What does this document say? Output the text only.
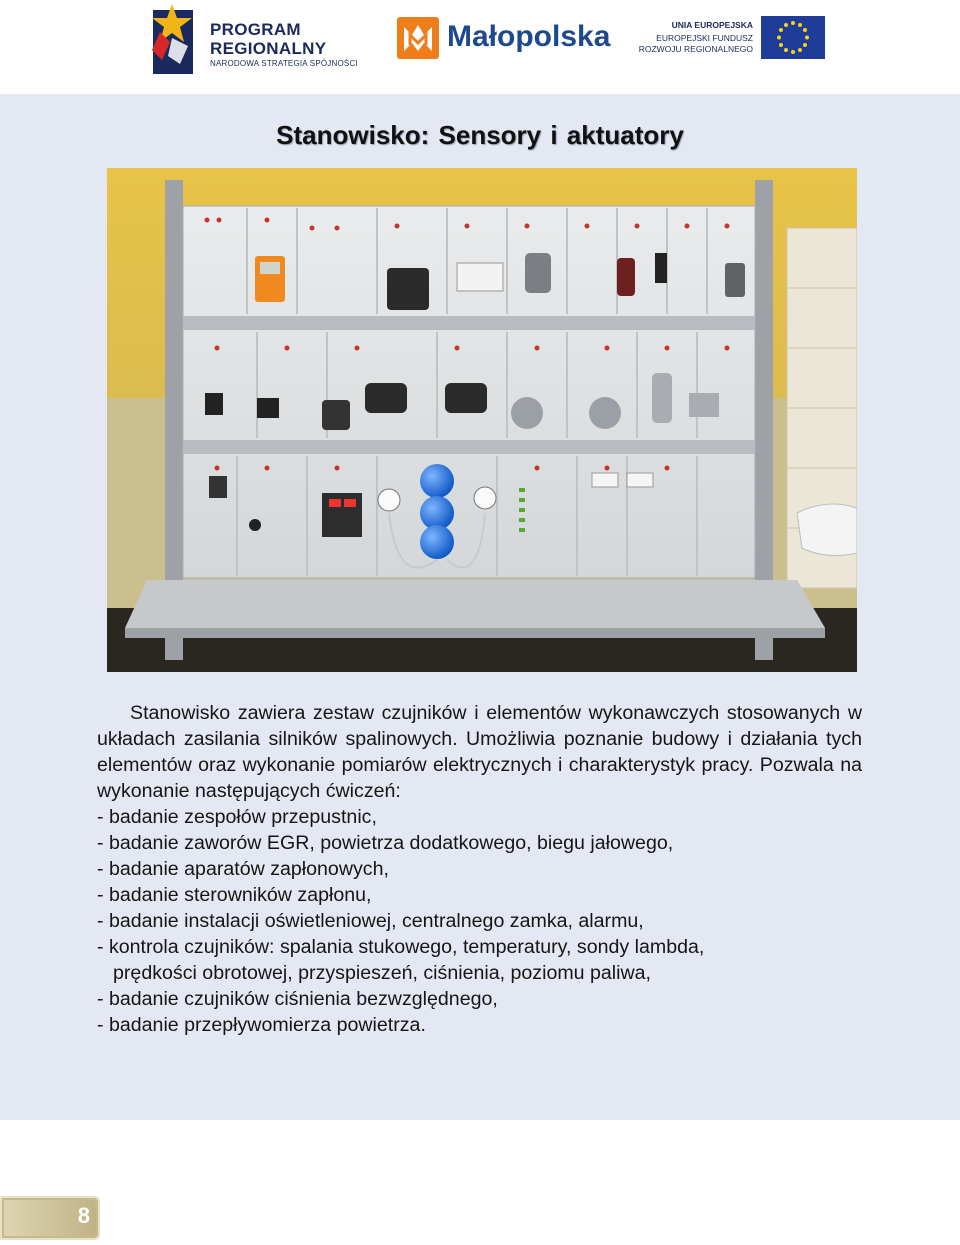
PROGRAM
REGIONALNY
NARODOWA STRATEGIA SPÓJNOŚCI
Małopolska	UNIA EUROPEJSKA
EUROPEJSKI FUNDUSZ
ROZWOJU REGIONALNEGO
Stanowisko: Sensory i aktuatory

Stanowisko zawiera zestaw czujników i elementów wykonawczych stosowanych w układach zasilania silników spalinowych. Umożliwia poznanie budowy i działania tych elementów oraz wykonanie pomiarów elektrycznych i charakterystyk pracy. Pozwala na wykonanie następujących ćwiczeń:

- badanie zespołów przepustnic,
- badanie zaworów EGR, powietrza dodatkowego, biegu jałowego,
- badanie aparatów zapłonowych,
- badanie sterowników zapłonu,
- badanie instalacji oświetleniowej, centralnego zamka, alarmu,
- kontrola czujników: spalania stukowego, temperatury, sondy lambda,
prędkości obrotowej, przyspieszeń, ciśnienia, poziomu paliwa,
- badanie czujników ciśnienia bezwzględnego,
- badanie przepływomierza powietrza.
8
